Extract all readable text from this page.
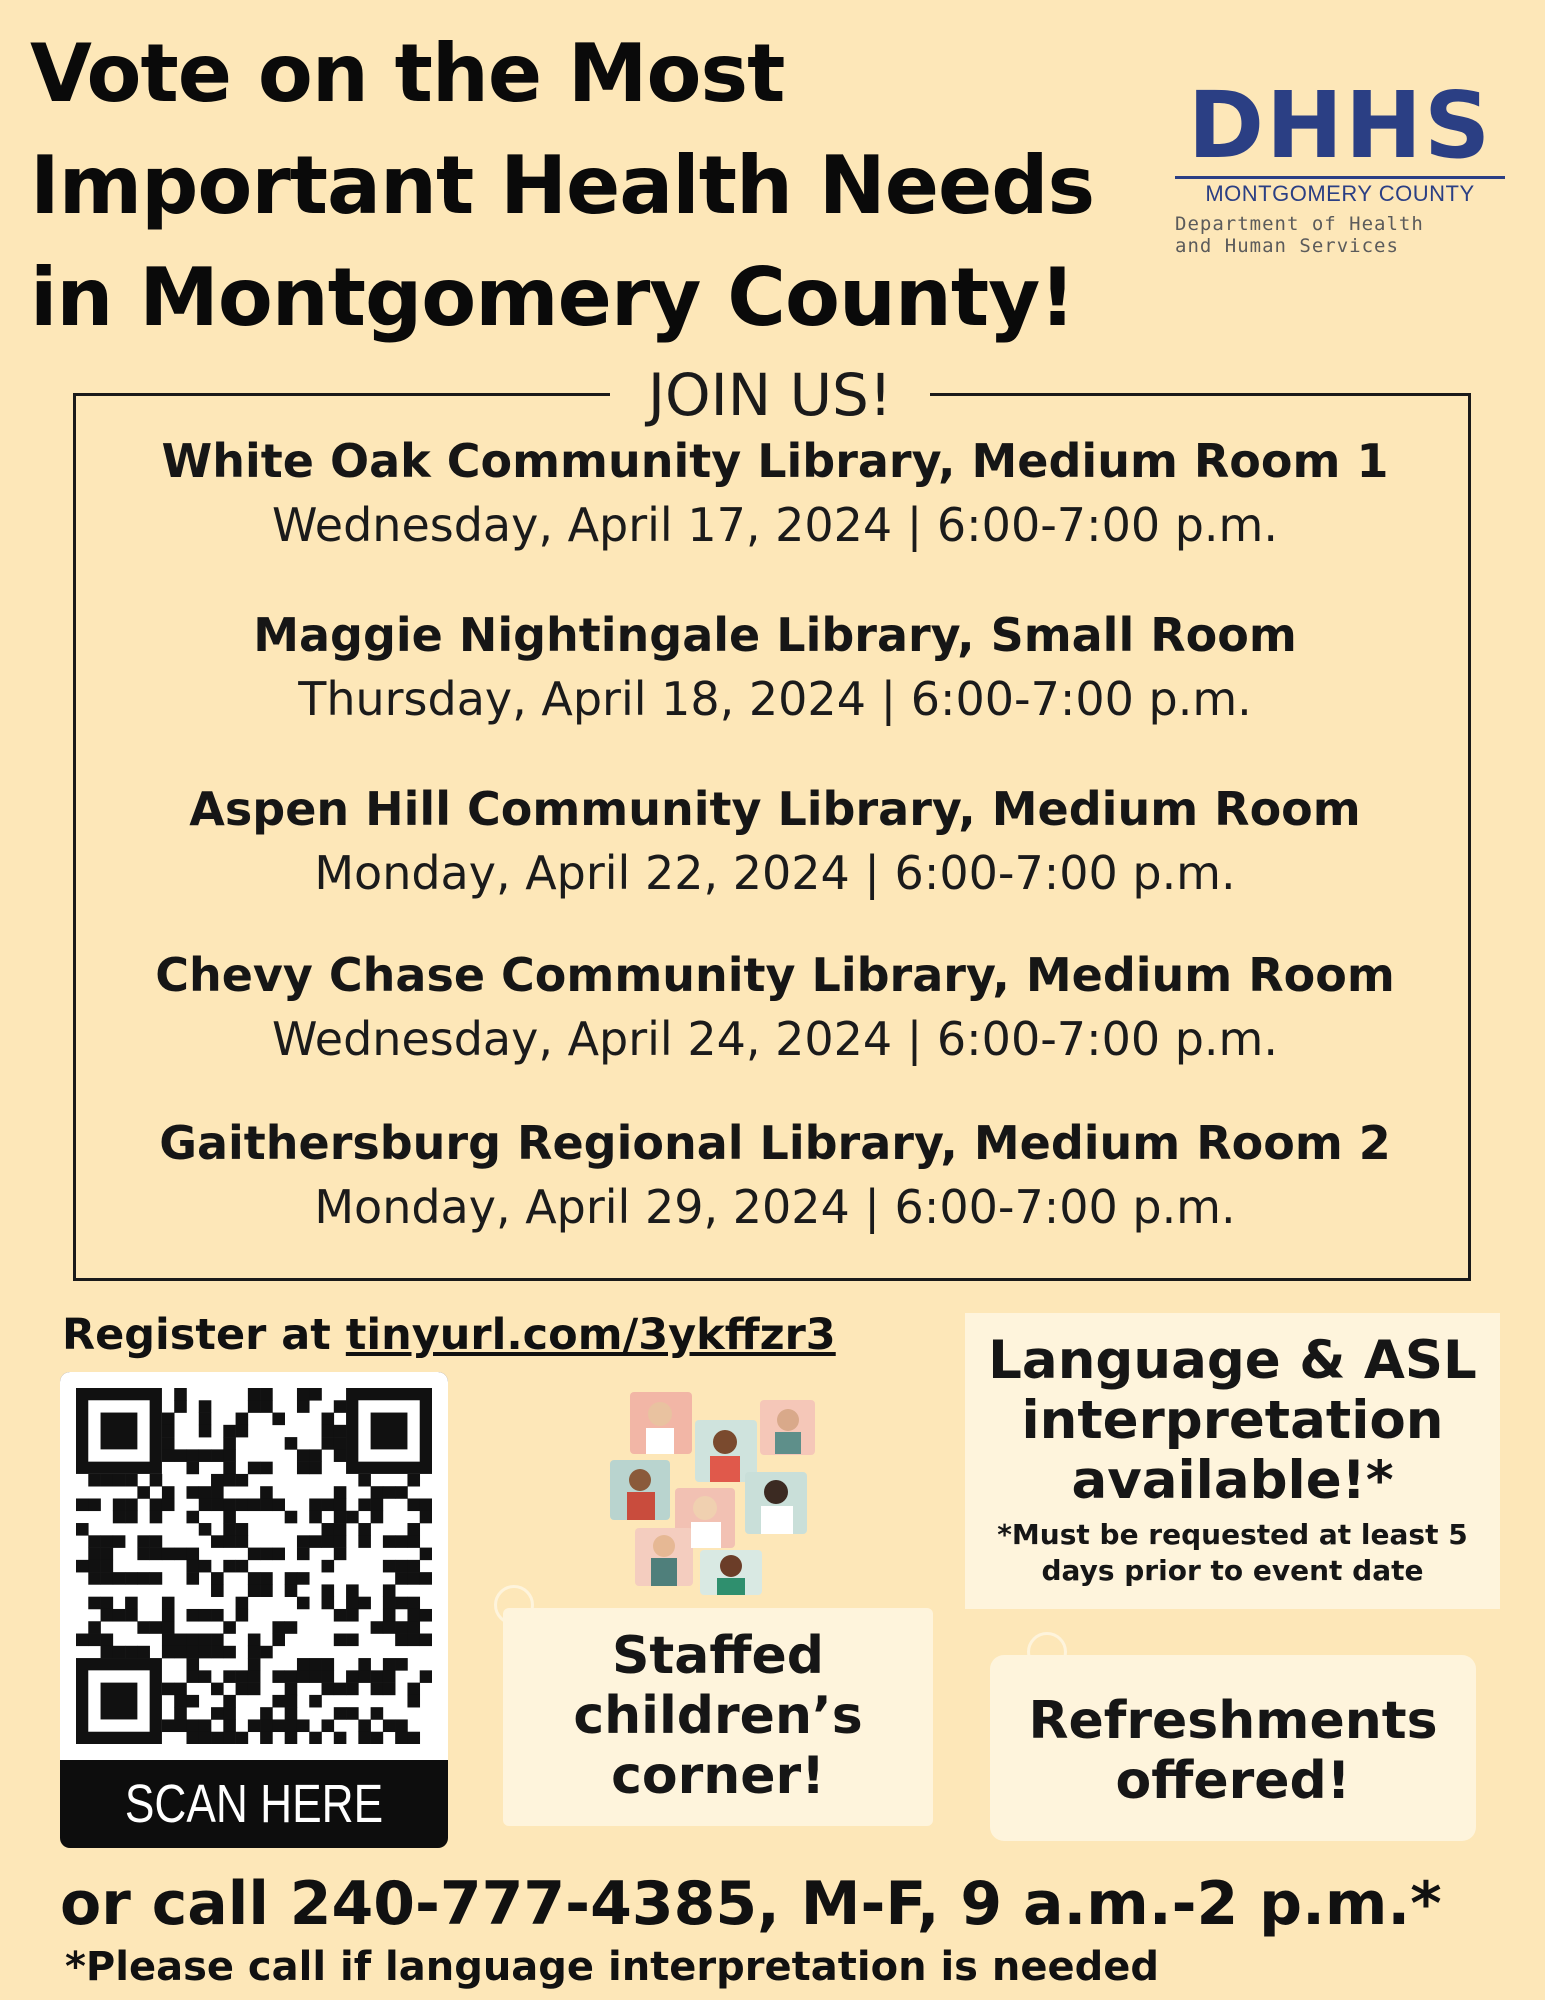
Vote on the Most
Important Health Needs
in Montgomery County!
DHHS
MONTGOMERY COUNTY
Department of Health
and Human Services
JOIN US!
White Oak Community Library, Medium Room 1
Wednesday, April 17, 2024 | 6:00-7:00 p.m.
Maggie Nightingale Library, Small Room
Thursday, April 18, 2024 | 6:00-7:00 p.m.
Aspen Hill Community Library, Medium Room
Monday, April 22, 2024 | 6:00-7:00 p.m.
Chevy Chase Community Library, Medium Room
Wednesday, April 24, 2024 | 6:00-7:00 p.m.
Gaithersburg Regional Library, Medium Room 2
Monday, April 29, 2024 | 6:00-7:00 p.m.
Register at tinyurl.com/3ykffzr3
SCAN HERE
Language & ASL
interpretation
available!*
*Must be requested at least 5
days prior to event date
Staffed
children’s
corner!
Refreshments
offered!
or call 240-777-4385, M-F, 9 a.m.-2 p.m.*
*Please call if language interpretation is needed
